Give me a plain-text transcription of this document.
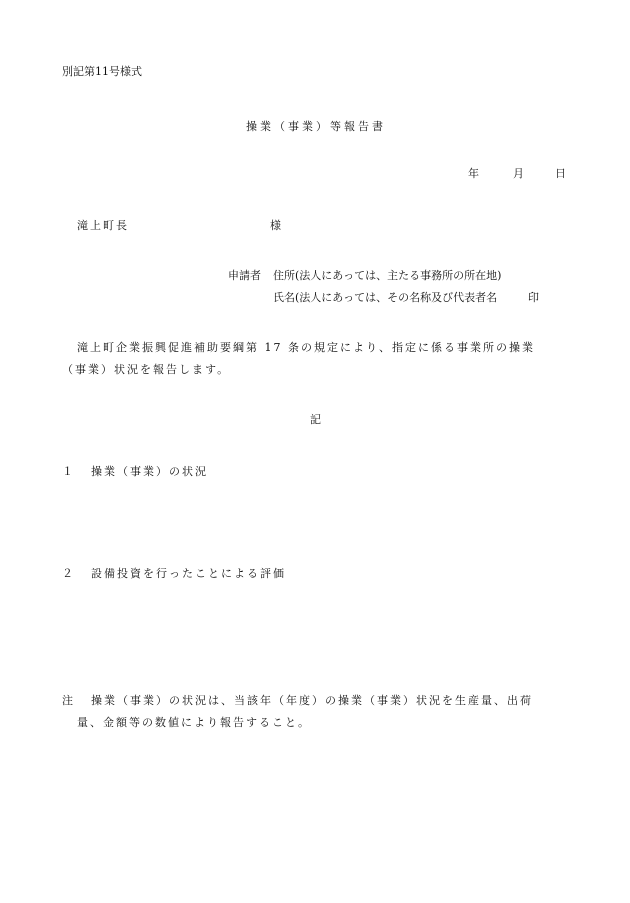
別記第11号様式
操業（事業）等報告書
年	月	日
滝上町長	様
申請者 住所(法人にあっては、主たる事務所の所在地)
氏名(法人にあっては、その名称及び代表者名	印
滝上町企業振興促進補助要綱第 17 条の規定により、指定に係る事業所の操業
（事業）状況を報告します。
記
１ 操業（事業）の状況
２ 設備投資を行ったことによる評価
注 操業（事業）の状況は、当該年（年度）の操業（事業）状況を生産量、出荷
量、金額等の数値により報告すること。
